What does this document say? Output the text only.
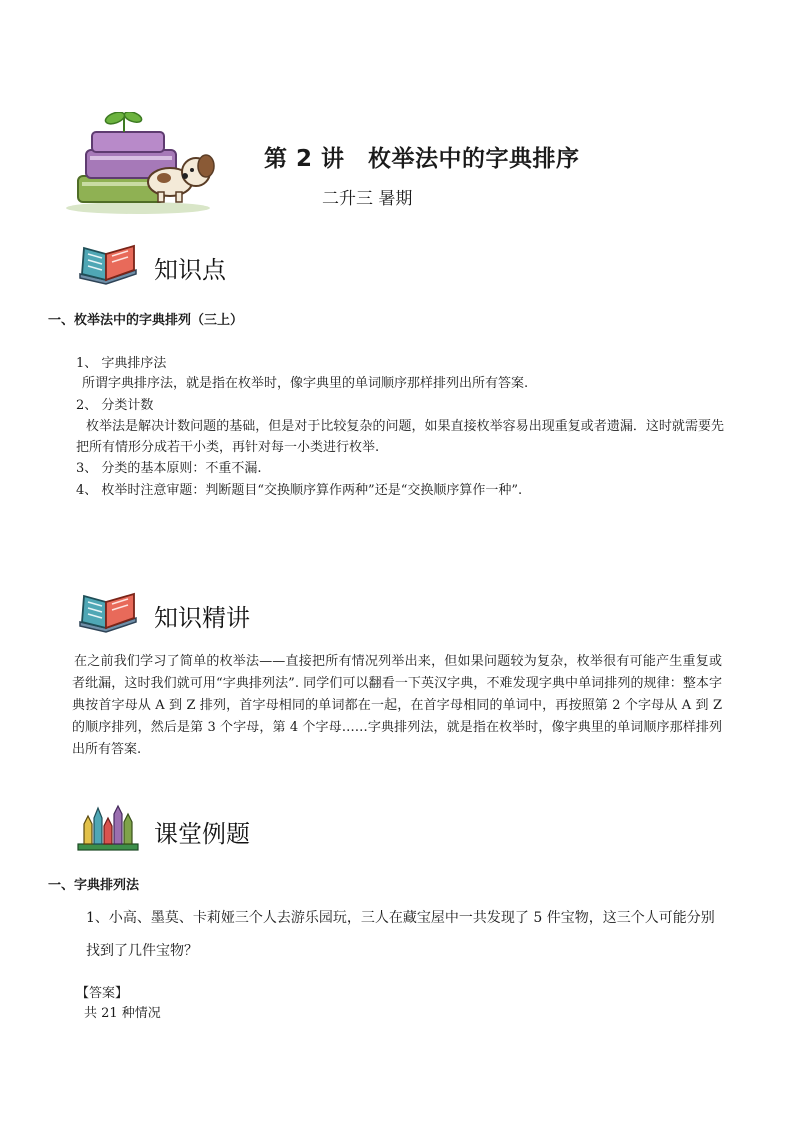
第 2 讲　枚举法中的字典排序
二升三 暑期
知识点
一、枚举法中的字典排列（三上）
1、 字典排序法
所谓字典排序法，就是指在枚举时，像字典里的单词顺序那样排列出所有答案.
2、 分类计数
枚举法是解决计数问题的基础，但是对于比较复杂的问题，如果直接枚举容易出现重复或者遗漏．这时就需要先把所有情形分成若干小类，再针对每一小类进行枚举.
3、 分类的基本原则：不重不漏.
4、 枚举时注意审题：判断题目“交换顺序算作两种”还是“交换顺序算作一种”.
知识精讲
在之前我们学习了简单的枚举法——直接把所有情况列举出来，但如果问题较为复杂，枚举很有可能产生重复或者纰漏，这时我们就可用“字典排列法”. 同学们可以翻看一下英汉字典，不难发现字典中单词排列的规律：整本字典按首字母从 A 到 Z 排列，首字母相同的单词都在一起，在首字母相同的单词中，再按照第 2 个字母从 A 到 Z 的顺序排列，然后是第 3 个字母，第 4 个字母……字典排列法，就是指在枚举时，像字典里的单词顺序那样排列出所有答案.
课堂例题
一、字典排列法
1、小高、墨莫、卡莉娅三个人去游乐园玩，三人在藏宝屋中一共发现了 5 件宝物，这三个人可能分别找到了几件宝物？
【答案】
共 21 种情况
